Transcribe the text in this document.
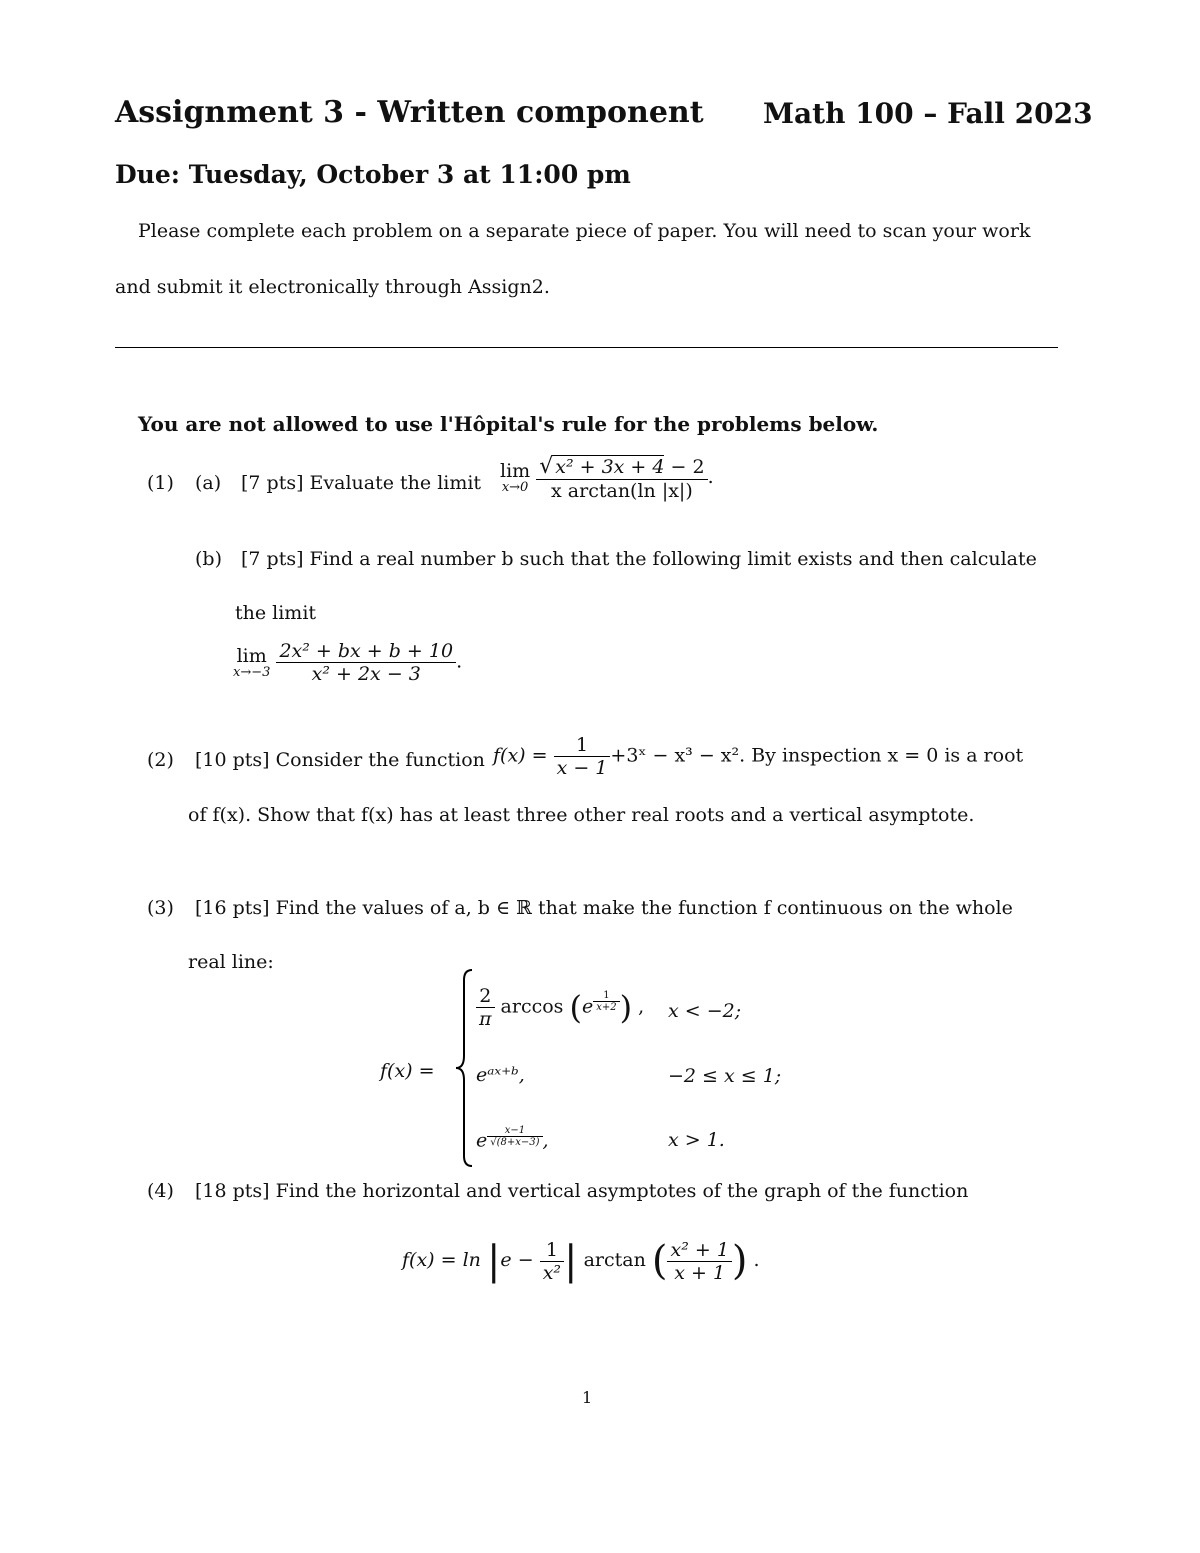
Assignment 3 - Written component Math 100 – Fall 2023
Due: Tuesday, October 3 at 11:00 pm
Please complete each problem on a separate piece of paper. You will need to scan your work
and submit it electronically through Assign2.
You are not allowed to use l'Hôpital's rule for the problems below.
(1) (a) [7 pts] Evaluate the limit
lim
x→0
$\frac{\text{√ x² + 3x + 4 − 2}}{\text{x arctan(ln |x|)}}$ .
(b) [7 pts] Find a real number b such that the following limit exists and then calculate
the limit
lim
x→−3
$\frac{\text{2x² + bx + b + 10}}{\text{x² + 2x − 3}}$ .
(2) [10 pts] Consider the function $f(x) = \frac{1}{x - 1}$ +3ˣ − x³ − x². By inspection x = 0 is a root
of f(x). Show that f(x) has at least three other real roots and a vertical asymptote.
(3) [16 pts] Find the values of a, b ∈ ℝ that make the function f continuous on the whole
real line:
f(x) =
$\frac{2}{\pi}$ arccos (e $^{\frac{1}{x+2}}$ ) , x < −2;
eᵃˣ⁺ᵇ,	−2 ≤ x ≤ 1;
e $^{\frac{x-1}{√(8+x-3)}}$ ,	x > 1.
(4) [18 pts] Find the horizontal and vertical asymptotes of the graph of the function
$f(x) = \ln |e - \frac{1}{\text{x²}}$ | arctan ( $\frac{\text{x² + 1}}{x + 1}$ ) .
1
